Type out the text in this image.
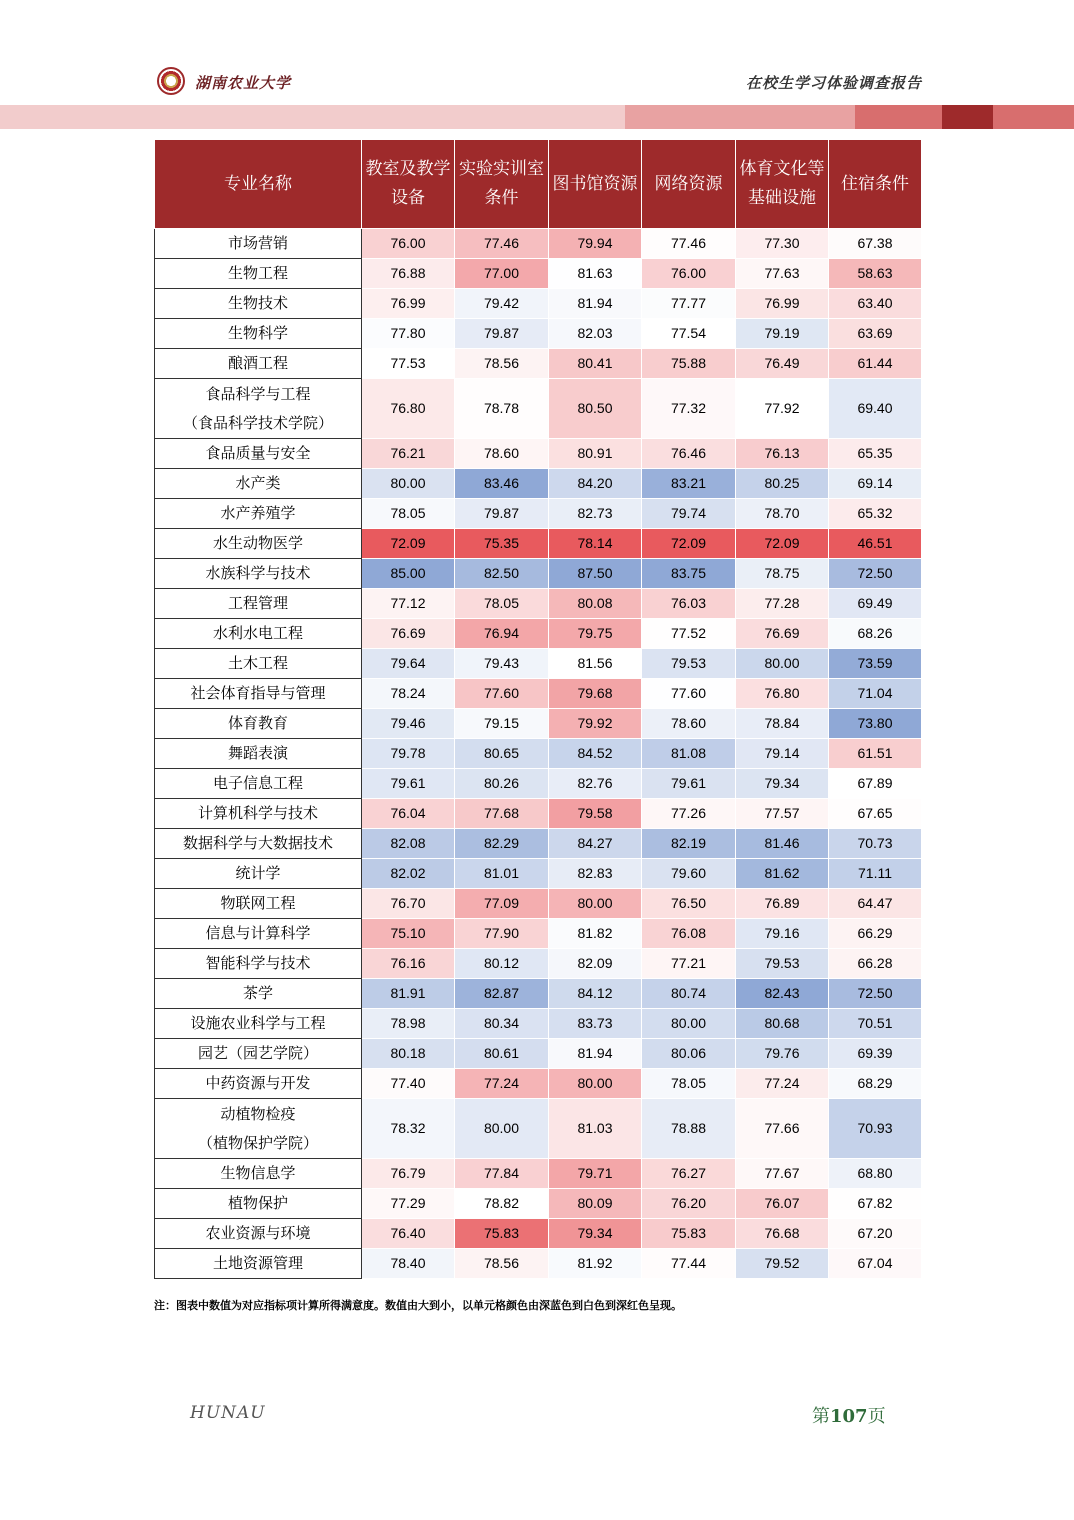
湖南农业大学	在校生学习体验调查报告
专业名称	教室及教学设备	实验实训室条件	图书馆资源	网络资源	体育文化等基础设施	住宿条件

市场营销	76.00	77.46	79.94	77.46	77.30	67.38

生物工程	76.88	77.00	81.63	76.00	77.63	58.63

生物技术	76.99	79.42	81.94	77.77	76.99	63.40

生物科学	77.80	79.87	82.03	77.54	79.19	63.69

酿酒工程	77.53	78.56	80.41	75.88	76.49	61.44

食品科学与工程
（食品科学技术学院）	76.80	78.78	80.50	77.32	77.92	69.40

食品质量与安全	76.21	78.60	80.91	76.46	76.13	65.35

水产类	80.00	83.46	84.20	83.21	80.25	69.14

水产养殖学	78.05	79.87	82.73	79.74	78.70	65.32

水生动物医学	72.09	75.35	78.14	72.09	72.09	46.51

水族科学与技术	85.00	82.50	87.50	83.75	78.75	72.50

工程管理	77.12	78.05	80.08	76.03	77.28	69.49

水利水电工程	76.69	76.94	79.75	77.52	76.69	68.26

土木工程	79.64	79.43	81.56	79.53	80.00	73.59

社会体育指导与管理	78.24	77.60	79.68	77.60	76.80	71.04

体育教育	79.46	79.15	79.92	78.60	78.84	73.80

舞蹈表演	79.78	80.65	84.52	81.08	79.14	61.51

电子信息工程	79.61	80.26	82.76	79.61	79.34	67.89

计算机科学与技术	76.04	77.68	79.58	77.26	77.57	67.65

数据科学与大数据技术	82.08	82.29	84.27	82.19	81.46	70.73

统计学	82.02	81.01	82.83	79.60	81.62	71.11

物联网工程	76.70	77.09	80.00	76.50	76.89	64.47

信息与计算科学	75.10	77.90	81.82	76.08	79.16	66.29

智能科学与技术	76.16	80.12	82.09	77.21	79.53	66.28

茶学	81.91	82.87	84.12	80.74	82.43	72.50

设施农业科学与工程	78.98	80.34	83.73	80.00	80.68	70.51

园艺（园艺学院）	80.18	80.61	81.94	80.06	79.76	69.39

中药资源与开发	77.40	77.24	80.00	78.05	77.24	68.29

动植物检疫
（植物保护学院）	78.32	80.00	81.03	78.88	77.66	70.93

生物信息学	76.79	77.84	79.71	76.27	77.67	68.80

植物保护	77.29	78.82	80.09	76.20	76.07	67.82

农业资源与环境	76.40	75.83	79.34	75.83	76.68	67.20

土地资源管理	78.40	78.56	81.92	77.44	79.52	67.04
注：图表中数值为对应指标项计算所得满意度。数值由大到小，以单元格颜色由深蓝色到白色到深红色呈现。
HUNAU	第107页
